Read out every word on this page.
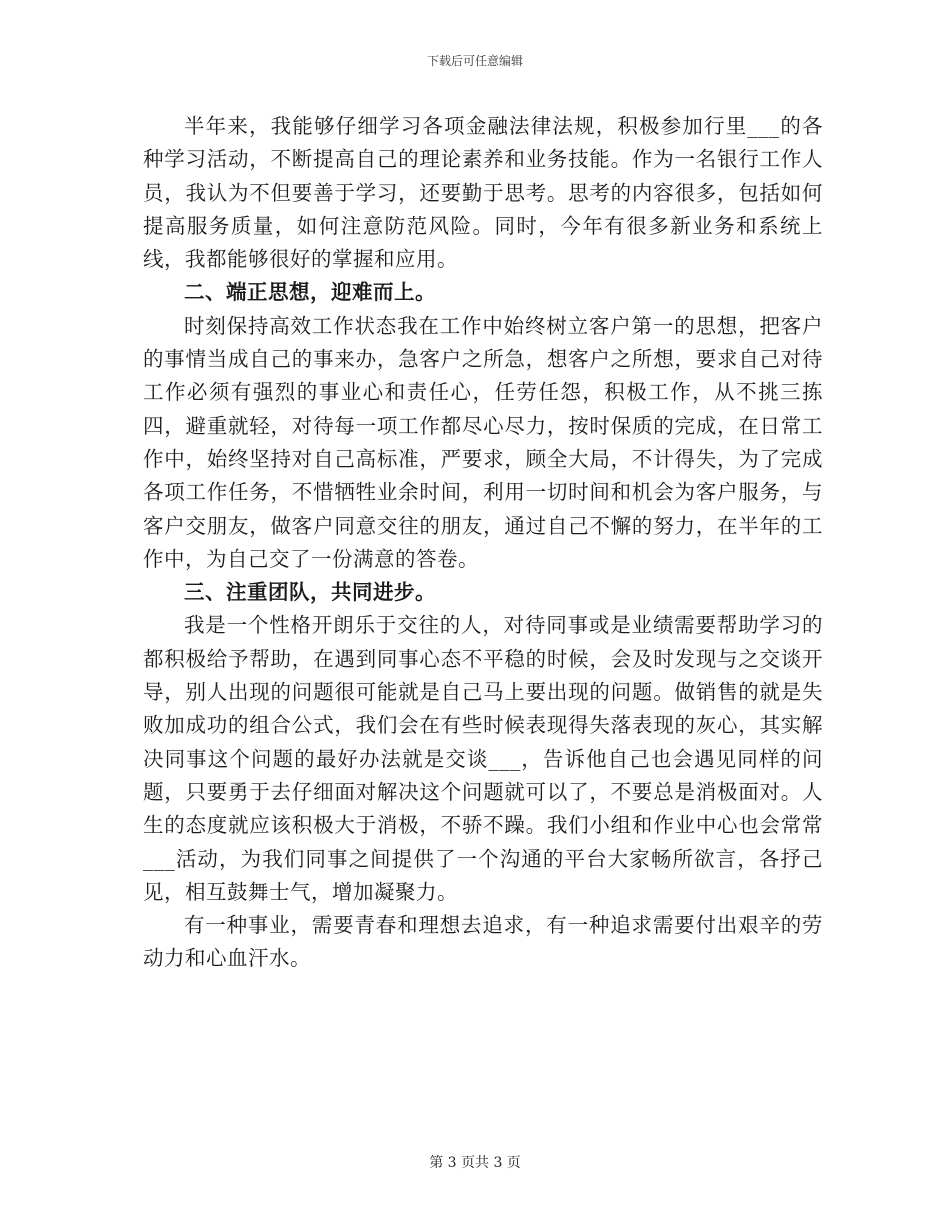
下载后可任意编辑

半年来，我能够仔细学习各项金融法律法规，积极参加行里___的各种学习活动，不断提高自己的理论素养和业务技能。作为一名银行工作人员，我认为不但要善于学习，还要勤于思考。思考的内容很多，包括如何提高服务质量，如何注意防范风险。同时，今年有很多新业务和系统上线，我都能够很好的掌握和应用。

二、端正思想，迎难而上。

时刻保持高效工作状态我在工作中始终树立客户第一的思想，把客户的事情当成自己的事来办，急客户之所急，想客户之所想，要求自己对待工作必须有强烈的事业心和责任心，任劳任怨，积极工作，从不挑三拣四，避重就轻，对待每一项工作都尽心尽力，按时保质的完成，在日常工作中，始终坚持对自己高标准，严要求，顾全大局，不计得失，为了完成各项工作任务，不惜牺牲业余时间，利用一切时间和机会为客户服务，与客户交朋友，做客户同意交往的朋友，通过自己不懈的努力，在半年的工作中，为自己交了一份满意的答卷。

三、注重团队，共同进步。

我是一个性格开朗乐于交往的人，对待同事或是业绩需要帮助学习的都积极给予帮助，在遇到同事心态不平稳的时候，会及时发现与之交谈开导，别人出现的问题很可能就是自己马上要出现的问题。做销售的就是失败加成功的组合公式，我们会在有些时候表现得失落表现的灰心，其实解决同事这个问题的最好办法就是交谈___，告诉他自己也会遇见同样的问题，只要勇于去仔细面对解决这个问题就可以了，不要总是消极面对。人生的态度就应该积极大于消极，不骄不躁。我们小组和作业中心也会常常___活动，为我们同事之间提供了一个沟通的平台大家畅所欲言，各抒己见，相互鼓舞士气，增加凝聚力。

有一种事业，需要青春和理想去追求，有一种追求需要付出艰辛的劳动力和心血汗水。

第 3 页共 3 页
